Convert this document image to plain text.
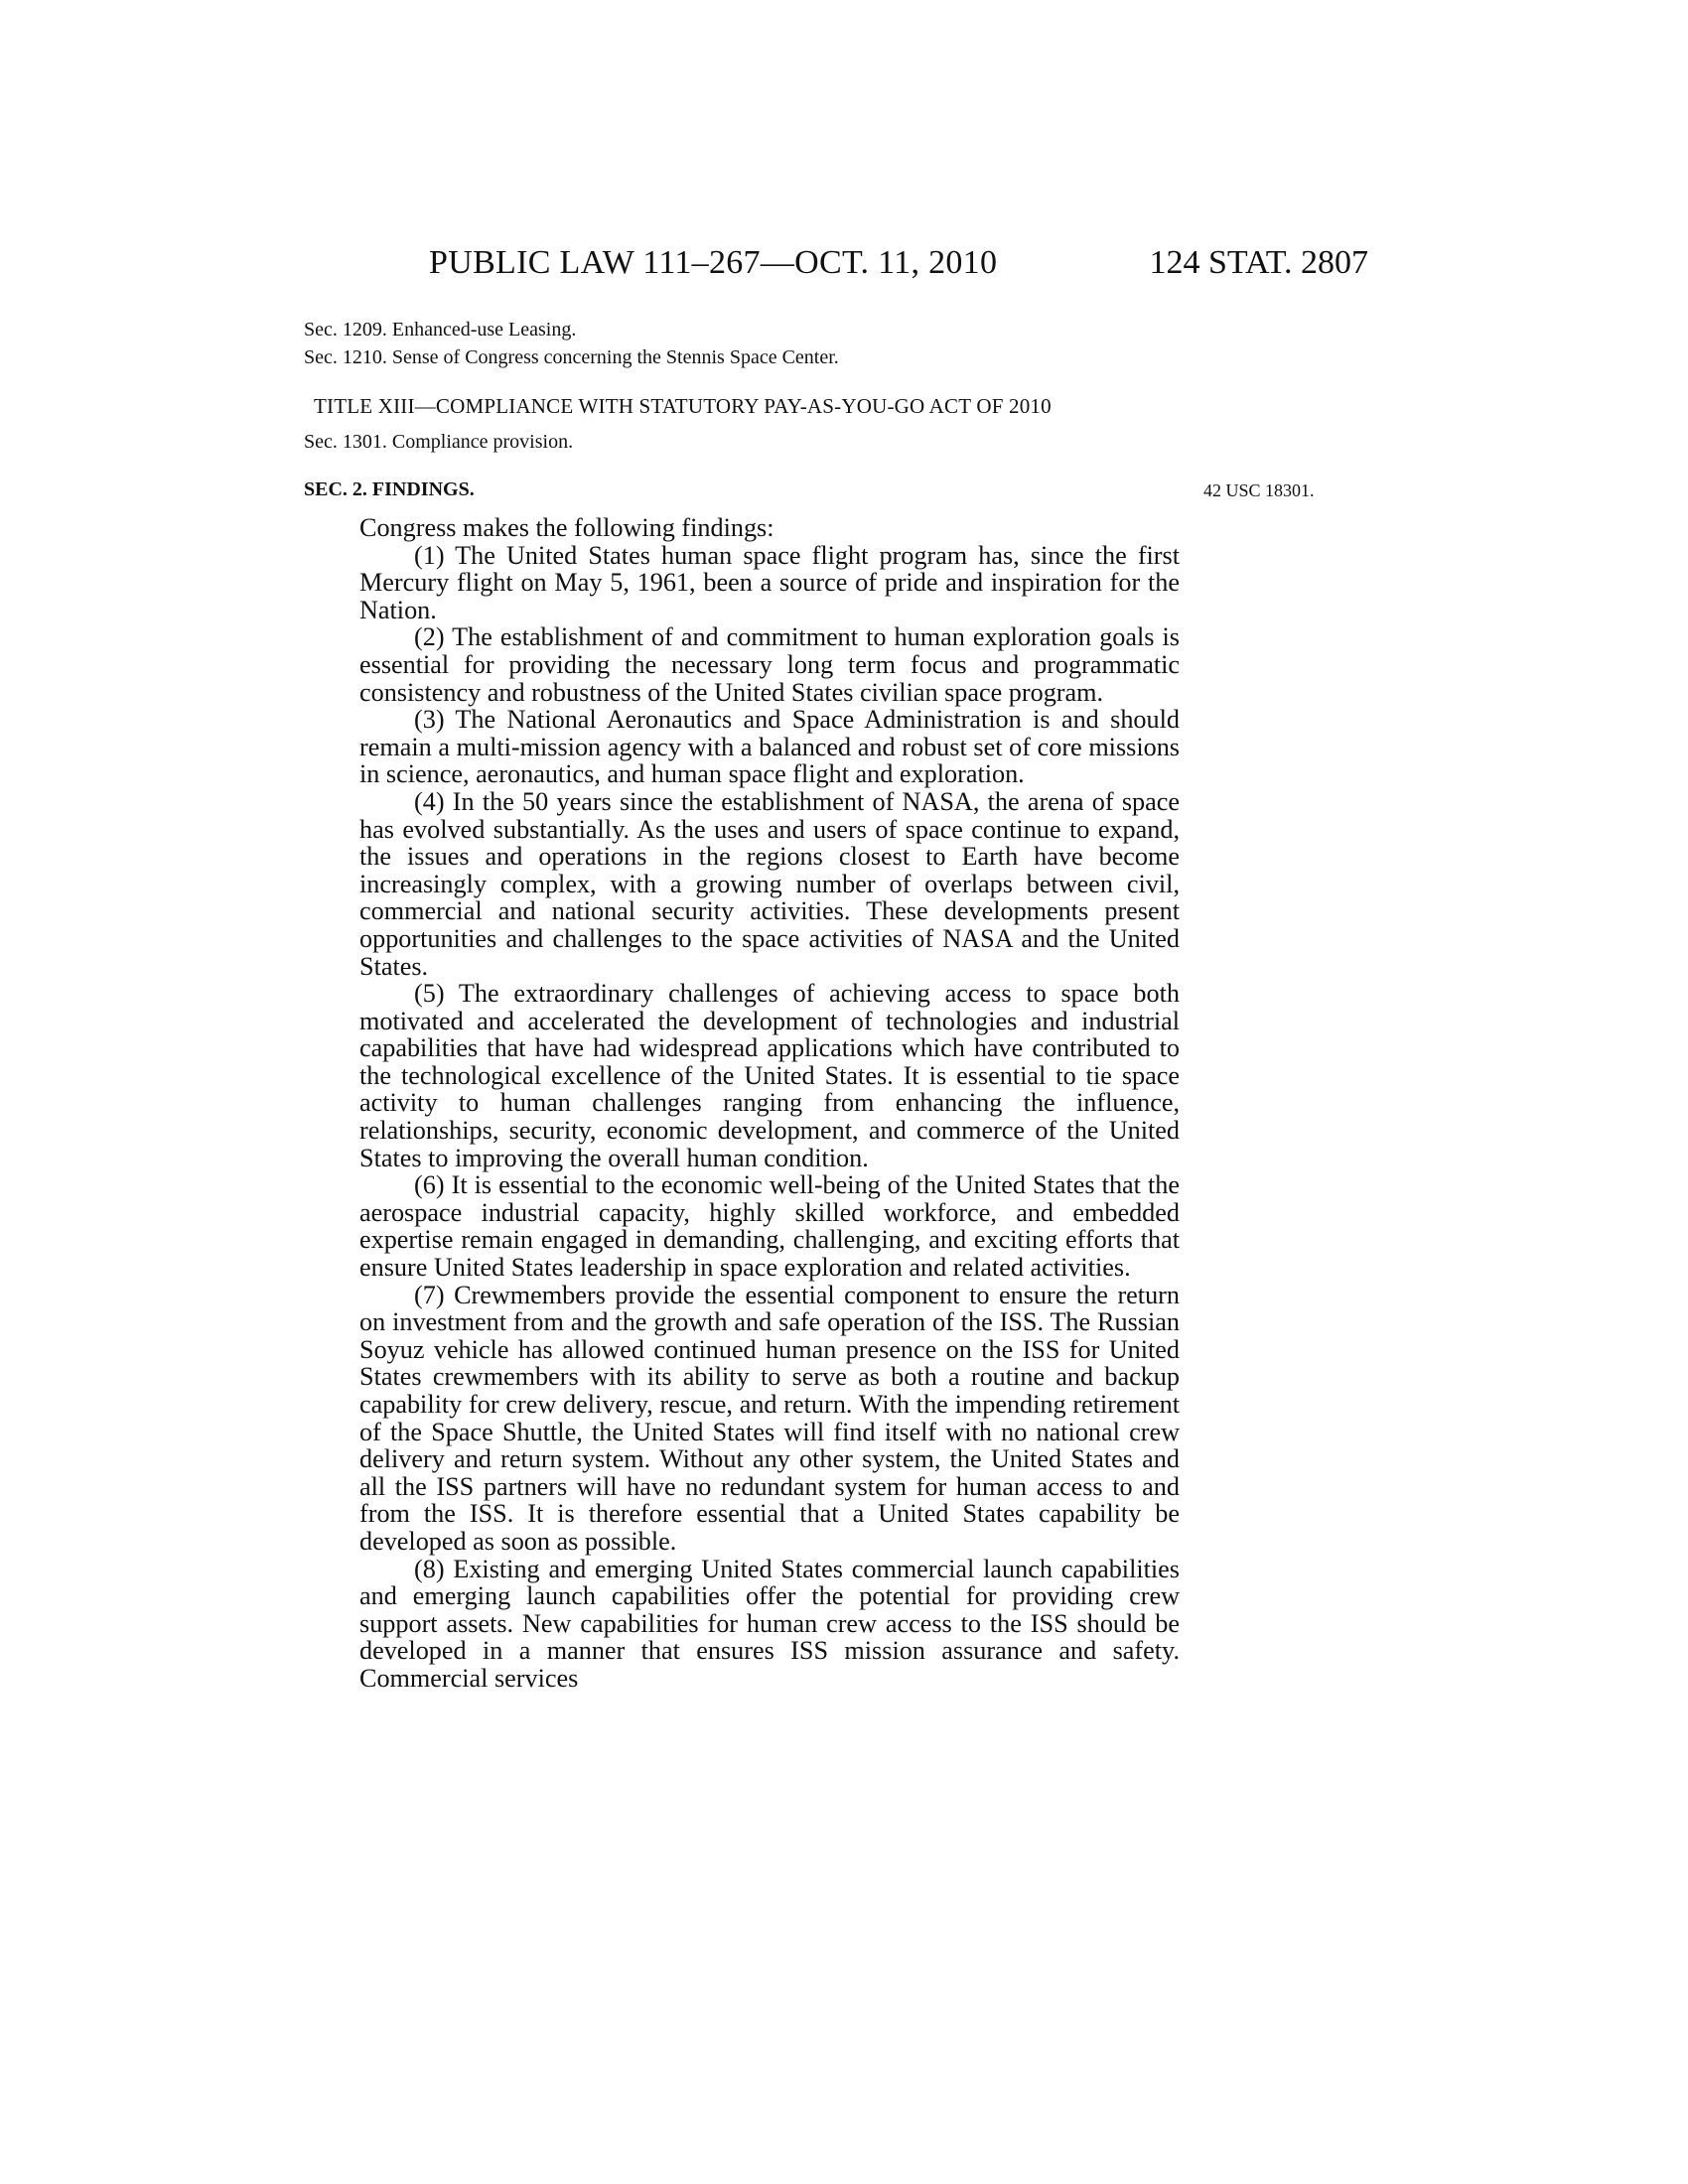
PUBLIC LAW 111–267—OCT. 11, 2010	124 STAT. 2807
Sec. 1209. Enhanced-use Leasing.
Sec. 1210. Sense of Congress concerning the Stennis Space Center.
TITLE XIII—COMPLIANCE WITH STATUTORY PAY-AS-YOU-GO ACT OF 2010
Sec. 1301. Compliance provision.
SEC. 2. FINDINGS.	42 USC 18301.

Congress makes the following findings:

(1) The United States human space flight program has, since the first Mercury flight on May 5, 1961, been a source of pride and inspiration for the Nation.

(2) The establishment of and commitment to human exploration goals is essential for providing the necessary long term focus and programmatic consistency and robustness of the United States civilian space program.

(3) The National Aeronautics and Space Administration is and should remain a multi-mission agency with a balanced and robust set of core missions in science, aeronautics, and human space flight and exploration.

(4) In the 50 years since the establishment of NASA, the arena of space has evolved substantially. As the uses and users of space continue to expand, the issues and operations in the regions closest to Earth have become increasingly complex, with a growing number of overlaps between civil, commercial and national security activities. These developments present opportunities and challenges to the space activities of NASA and the United States.

(5) The extraordinary challenges of achieving access to space both motivated and accelerated the development of technologies and industrial capabilities that have had widespread applications which have contributed to the technological excellence of the United States. It is essential to tie space activity to human challenges ranging from enhancing the influence, relationships, security, economic development, and commerce of the United States to improving the overall human condition.

(6) It is essential to the economic well-being of the United States that the aerospace industrial capacity, highly skilled workforce, and embedded expertise remain engaged in demanding, challenging, and exciting efforts that ensure United States leadership in space exploration and related activities.

(7) Crewmembers provide the essential component to ensure the return on investment from and the growth and safe operation of the ISS. The Russian Soyuz vehicle has allowed continued human presence on the ISS for United States crewmembers with its ability to serve as both a routine and backup capability for crew delivery, rescue, and return. With the impending retirement of the Space Shuttle, the United States will find itself with no national crew delivery and return system. Without any other system, the United States and all the ISS partners will have no redundant system for human access to and from the ISS. It is therefore essential that a United States capability be developed as soon as possible.

(8) Existing and emerging United States commercial launch capabilities and emerging launch capabilities offer the potential for providing crew support assets. New capabilities for human crew access to the ISS should be developed in a manner that ensures ISS mission assurance and safety. Commercial services
